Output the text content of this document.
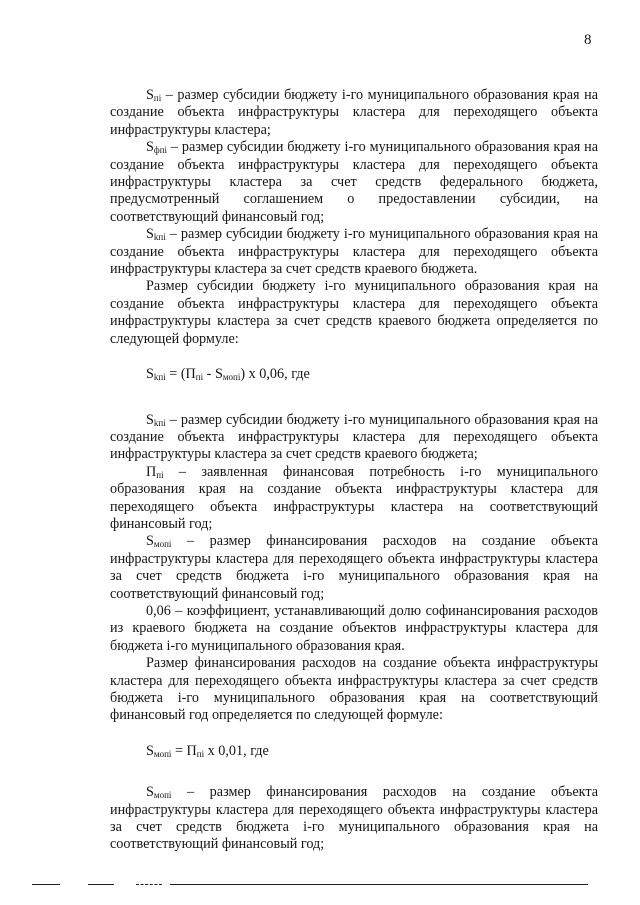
8

$S_{пi}$ – размер субсидии бюджету i-го муниципального образования края на создание объекта инфраструктуры кластера для переходящего объекта инфраструктуры кластера;

$S_{фпi}$ – размер субсидии бюджету i-го муниципального образования края на создание объекта инфраструктуры кластера для переходящего объекта инфраструктуры кластера за счет средств федерального бюджета, предусмотренный соглашением о предоставлении субсидии, на соответствующий финансовый год;

$S_{kпi}$ – размер субсидии бюджету i-го муниципального образования края на создание объекта инфраструктуры кластера для переходящего объекта инфраструктуры кластера за счет средств краевого бюджета.

Размер субсидии бюджету i-го муниципального образования края на создание объекта инфраструктуры кластера для переходящего объекта инфраструктуры кластера за счет средств краевого бюджета определяется по следующей формуле:

$S_{kпi} = (П_{пi} - S_{мопi})$ х 0,06, где

$S_{kпi}$ – размер субсидии бюджету i-го муниципального образования края на создание объекта инфраструктуры кластера для переходящего объекта инфраструктуры кластера за счет средств краевого бюджета;

$П_{пi}$ – заявленная финансовая потребность i-го муниципального образования края на создание объекта инфраструктуры кластера для переходящего объекта инфраструктуры кластера на соответствующий финансовый год;

$S_{мопi}$ – размер финансирования расходов на создание объекта инфраструктуры кластера для переходящего объекта инфраструктуры кластера за счет средств бюджета i-го муниципального образования края на соответствующий финансовый год;

0,06 – коэффициент, устанавливающий долю софинансирования расходов из краевого бюджета на создание объектов инфраструктуры кластера для бюджета i-го муниципального образования края.

Размер финансирования расходов на создание объекта инфраструктуры кластера для переходящего объекта инфраструктуры кластера за счет средств бюджета i-го муниципального образования края на соответствующий финансовый год определяется по следующей формуле:

$S_{мопi} = П_{пi}$ х 0,01, где

$S_{мопi}$ – размер финансирования расходов на создание объекта инфраструктуры кластера для переходящего объекта инфраструктуры кластера за счет средств бюджета i-го муниципального образования края на соответствующий финансовый год;
